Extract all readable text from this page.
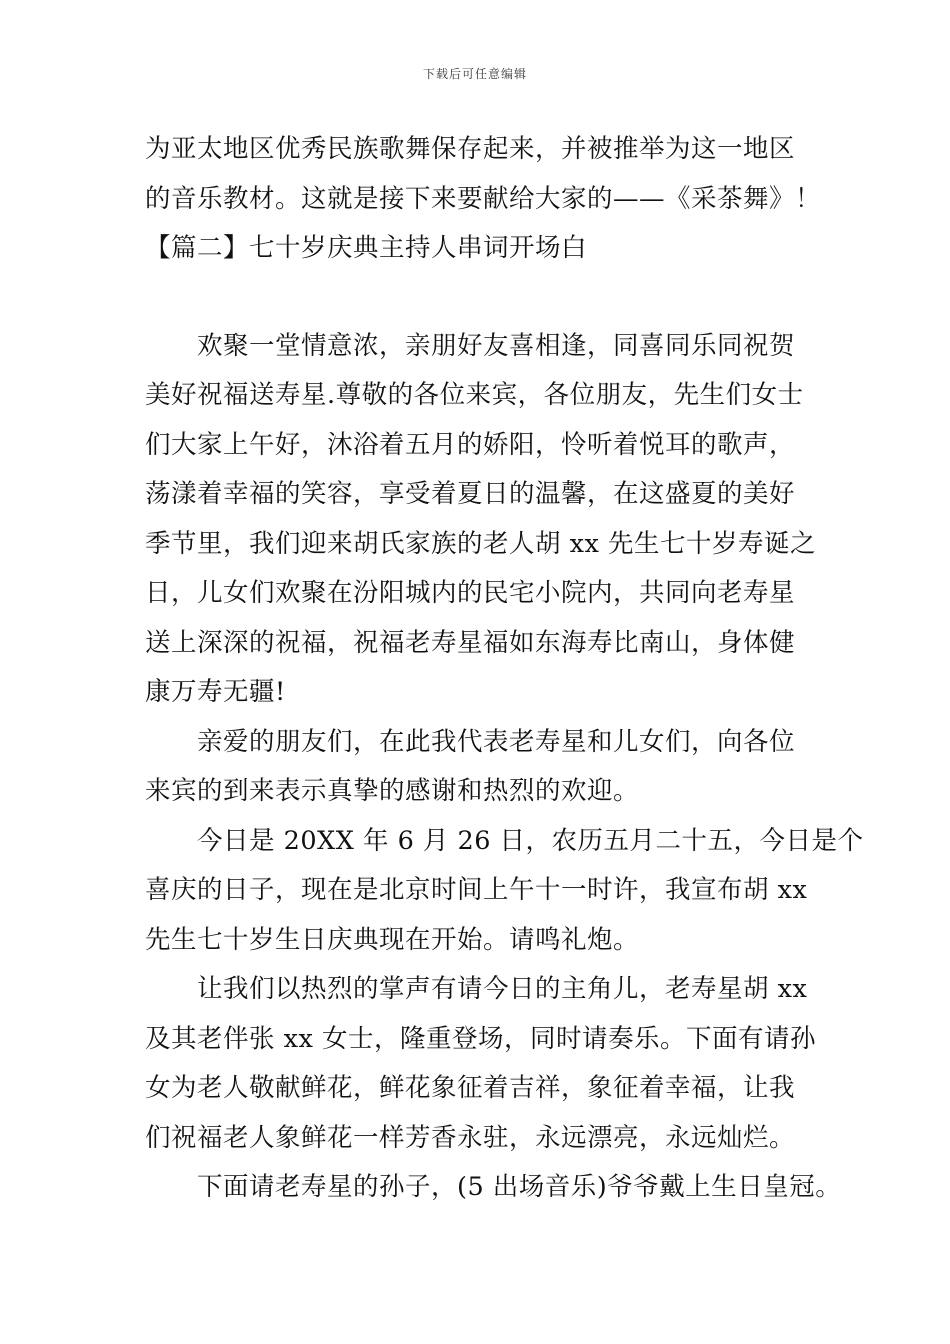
下载后可任意编辑
为亚太地区优秀民族歌舞保存起来，并被推举为这一地区
的音乐教材。这就是接下来要献给大家的——《采茶舞》！
【篇二】七十岁庆典主持人串词开场白
欢聚一堂情意浓，亲朋好友喜相逢，同喜同乐同祝贺
美好祝福送寿星.尊敬的各位来宾，各位朋友，先生们女士
们大家上午好，沐浴着五月的娇阳，怜听着悦耳的歌声，
荡漾着幸福的笑容，享受着夏日的温馨，在这盛夏的美好
季节里，我们迎来胡氏家族的老人胡 xx 先生七十岁寿诞之
日，儿女们欢聚在汾阳城内的民宅小院内，共同向老寿星
送上深深的祝福，祝福老寿星福如东海寿比南山，身体健
康万寿无疆!
亲爱的朋友们，在此我代表老寿星和儿女们，向各位
来宾的到来表示真挚的感谢和热烈的欢迎。
今日是 20XX 年 6 月 26 日，农历五月二十五，今日是个
喜庆的日子，现在是北京时间上午十一时许，我宣布胡 xx
先生七十岁生日庆典现在开始。请鸣礼炮。
让我们以热烈的掌声有请今日的主角儿，老寿星胡 xx
及其老伴张 xx 女士，隆重登场，同时请奏乐。下面有请孙
女为老人敬献鲜花，鲜花象征着吉祥，象征着幸福，让我
们祝福老人象鲜花一样芳香永驻，永远漂亮，永远灿烂。
下面请老寿星的孙子，(5 出场音乐)爷爷戴上生日皇冠。
